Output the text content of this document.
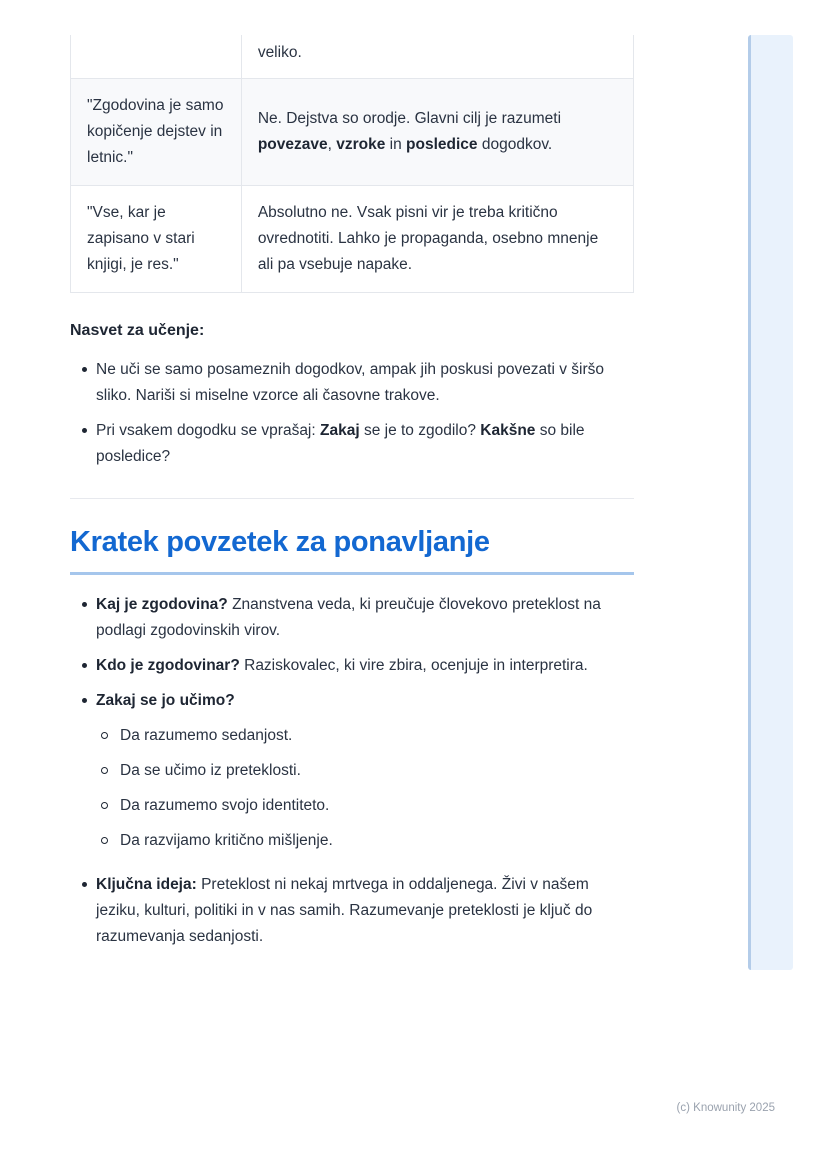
	veliko.
"Zgodovina je samo kopičenje dejstev in letnic."	Ne. Dejstva so orodje. Glavni cilj je razumeti povezave, vzroke in posledice dogodkov.
"Vse, kar je zapisano v stari knjigi, je res."	Absolutno ne. Vsak pisni vir je treba kritično ovrednotiti. Lahko je propaganda, osebno mnenje ali pa vsebuje napake.
Nasvet za učenje:
Ne uči se samo posameznih dogodkov, ampak jih poskusi povezati v širšo sliko. Nariši si miselne vzorce ali časovne trakove.
Pri vsakem dogodku se vprašaj: Zakaj se je to zgodilo? Kakšne so bile posledice?
Kratek povzetek za ponavljanje
Kaj je zgodovina? Znanstvena veda, ki preučuje človekovo preteklost na podlagi zgodovinskih virov.
Kdo je zgodovinar? Raziskovalec, ki vire zbira, ocenjuje in interpretira.
Zakaj se jo učimo?
Da razumemo sedanjost.
Da se učimo iz preteklosti.
Da razumemo svojo identiteto.
Da razvijamo kritično mišljenje.
Ključna ideja: Preteklost ni nekaj mrtvega in oddaljenega. Živi v našem jeziku, kulturi, politiki in v nas samih. Razumevanje preteklosti je ključ do razumevanja sedanjosti.
(c) Knowunity 2025
